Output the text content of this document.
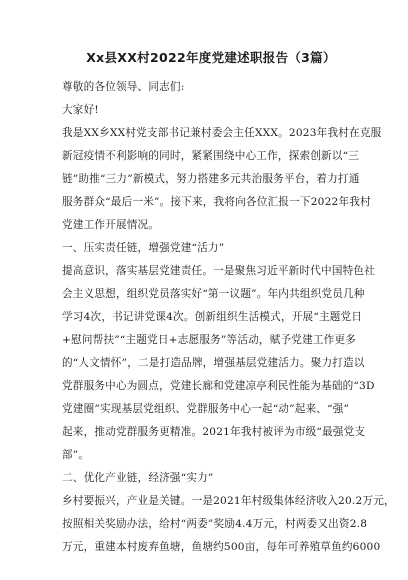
Xx县XX村2022年度党建述职报告（3篇）
尊敬的各位领导、同志们:
大家好!
我是XX乡XX村党支部书记兼村委会主任XXX。2023年我村在克服
新冠疫情不利影响的同时，紧紧围绕中心工作，探索创新以“三
链”助推“三力”新模式，努力搭建多元共治服务平台，着力打通
服务群众“最后一米”。接下来，我将向各位汇报一下2022年我村
党建工作开展情况。
一、压实责任链，增强党建“活力”
提高意识，落实基层党建责任。一是聚焦习近平新时代中国特色社
会主义思想，组织党员落实好“第一议题”。年内共组织党员几种
学习4次，书记讲党课4次。创新组织生活模式，开展“主题党日
+慰问帮扶”“主题党日+志愿服务”等活动，赋予党建工作更多
的“人文情怀”，二是打造品牌，增强基层党建活力。聚力打造以
党群服务中心为圆点，党建长廊和党建凉亭利民性能为基础的“3D
党建圈”实现基层党组织、党群服务中心一起“动”起来、“强”
起来，推动党群服务更精准。2021年我村被评为市级“最强党支
部”。
二、优化产业链，经济强“实力”
乡村要振兴，产业是关键。一是2021年村级集体经济收入20.2万元，
按照相关奖励办法，给村“两委”奖励4.4万元，村两委又出资2.8
万元，重建本村废弃鱼塘，鱼塘约500亩，每年可养殖草鱼约6000
